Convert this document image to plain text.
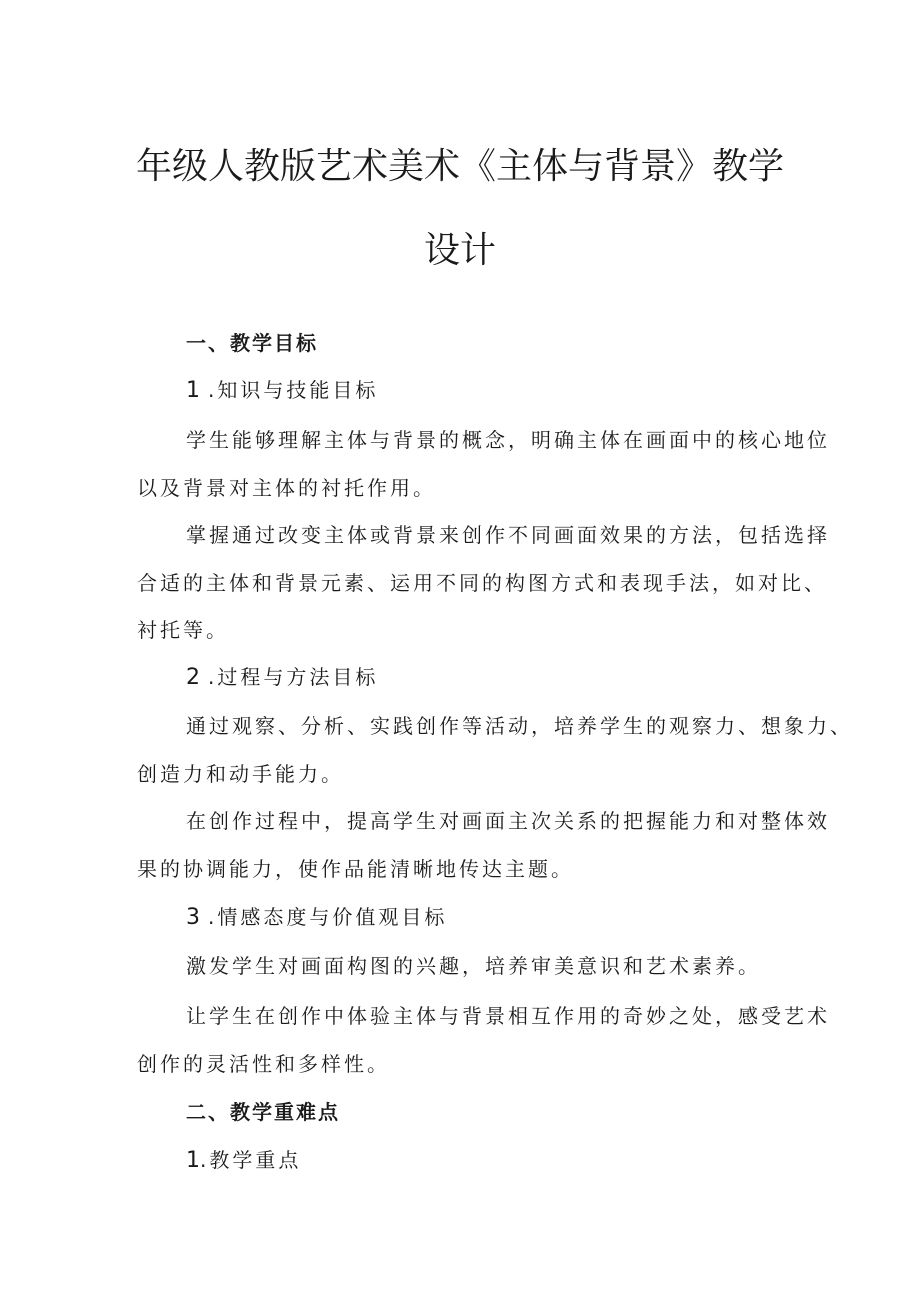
年级人教版艺术美术《主体与背景》教学
设计
一、教学目标
1 .知识与技能目标
学生能够理解主体与背景的概念，明确主体在画面中的核心地位
以及背景对主体的衬托作用。
掌握通过改变主体或背景来创作不同画面效果的方法，包括选择
合适的主体和背景元素、运用不同的构图方式和表现手法，如对比、
衬托等。
2 .过程与方法目标
通过观察、分析、实践创作等活动，培养学生的观察力、想象力、
创造力和动手能力。
在创作过程中，提高学生对画面主次关系的把握能力和对整体效
果的协调能力，使作品能清晰地传达主题。
3 .情感态度与价值观目标
激发学生对画面构图的兴趣，培养审美意识和艺术素养。
让学生在创作中体验主体与背景相互作用的奇妙之处，感受艺术
创作的灵活性和多样性。
二、教学重难点
1.教学重点
